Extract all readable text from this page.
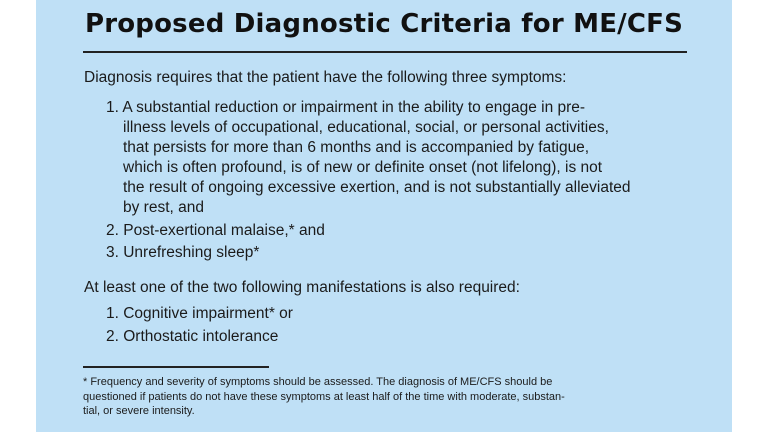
Proposed Diagnostic Criteria for ME/CFS
Diagnosis requires that the patient have the following three symptoms:
1. A substantial reduction or impairment in the ability to engage in pre-
illness levels of occupational, educational, social, or personal activities,
that persists for more than 6 months and is accompanied by fatigue,
which is often profound, is of new or definite onset (not lifelong), is not
the result of ongoing excessive exertion, and is not substantially alleviated
by rest, and
2. Post-exertional malaise,* and
3. Unrefreshing sleep*
At least one of the two following manifestations is also required:
1. Cognitive impairment* or
2. Orthostatic intolerance
* Frequency and severity of symptoms should be assessed. The diagnosis of ME/CFS should be
questioned if patients do not have these symptoms at least half of the time with moderate, substan-
tial, or severe intensity.
